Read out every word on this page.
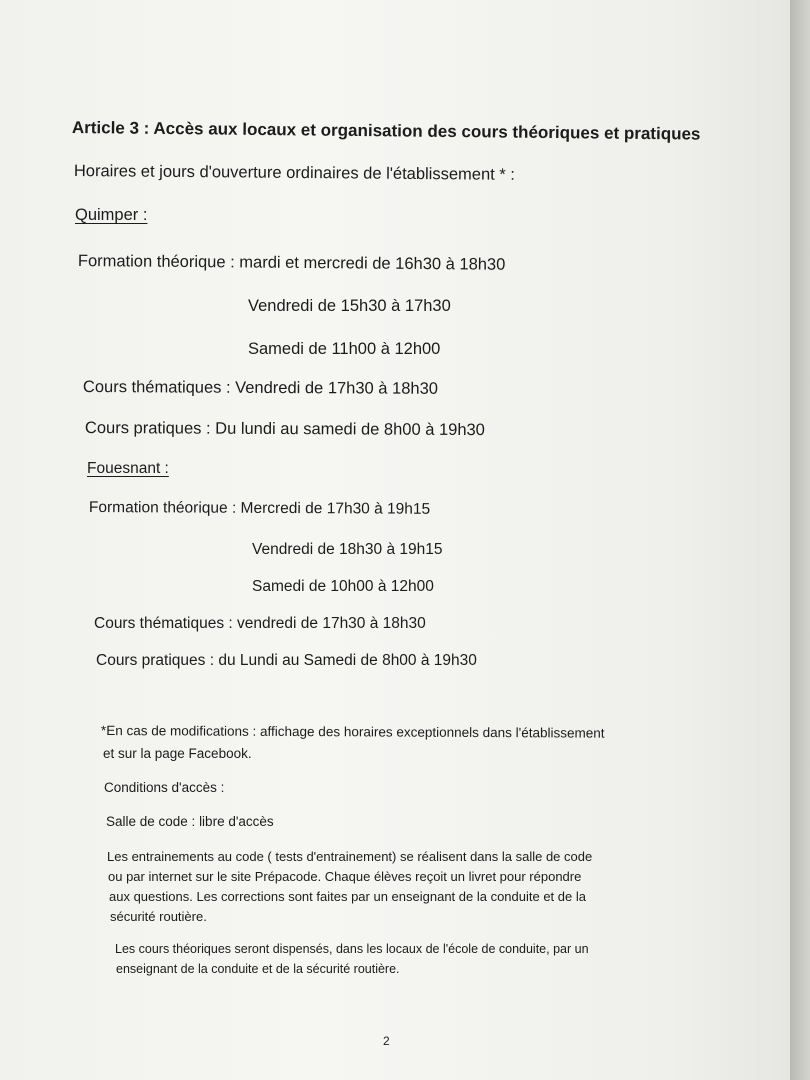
Article 3 : Accès aux locaux et organisation des cours théoriques et pratiques
Horaires et jours d'ouverture ordinaires de l'établissement * :
Quimper :
Formation théorique : mardi et mercredi de 16h30 à 18h30
Vendredi de 15h30 à 17h30
Samedi de 11h00 à 12h00
Cours thématiques : Vendredi de 17h30 à 18h30
Cours pratiques : Du lundi au samedi de 8h00 à 19h30
Fouesnant :
Formation théorique : Mercredi de 17h30 à 19h15
Vendredi de 18h30 à 19h15
Samedi de 10h00 à 12h00
Cours thématiques : vendredi de 17h30 à 18h30
Cours pratiques : du Lundi au Samedi de 8h00 à 19h30
*En cas de modifications : affichage des horaires exceptionnels dans l'établissement
et sur la page Facebook.
Conditions d'accès :
Salle de code : libre d'accès
Les entrainements au code ( tests d'entrainement) se réalisent dans la salle de code
ou par internet sur le site Prépacode. Chaque élèves reçoit un livret pour répondre
aux questions. Les corrections sont faites par un enseignant de la conduite et de la
sécurité routière.
Les cours théoriques seront dispensés, dans les locaux de l'école de conduite, par un
enseignant de la conduite et de la sécurité routière.
2
